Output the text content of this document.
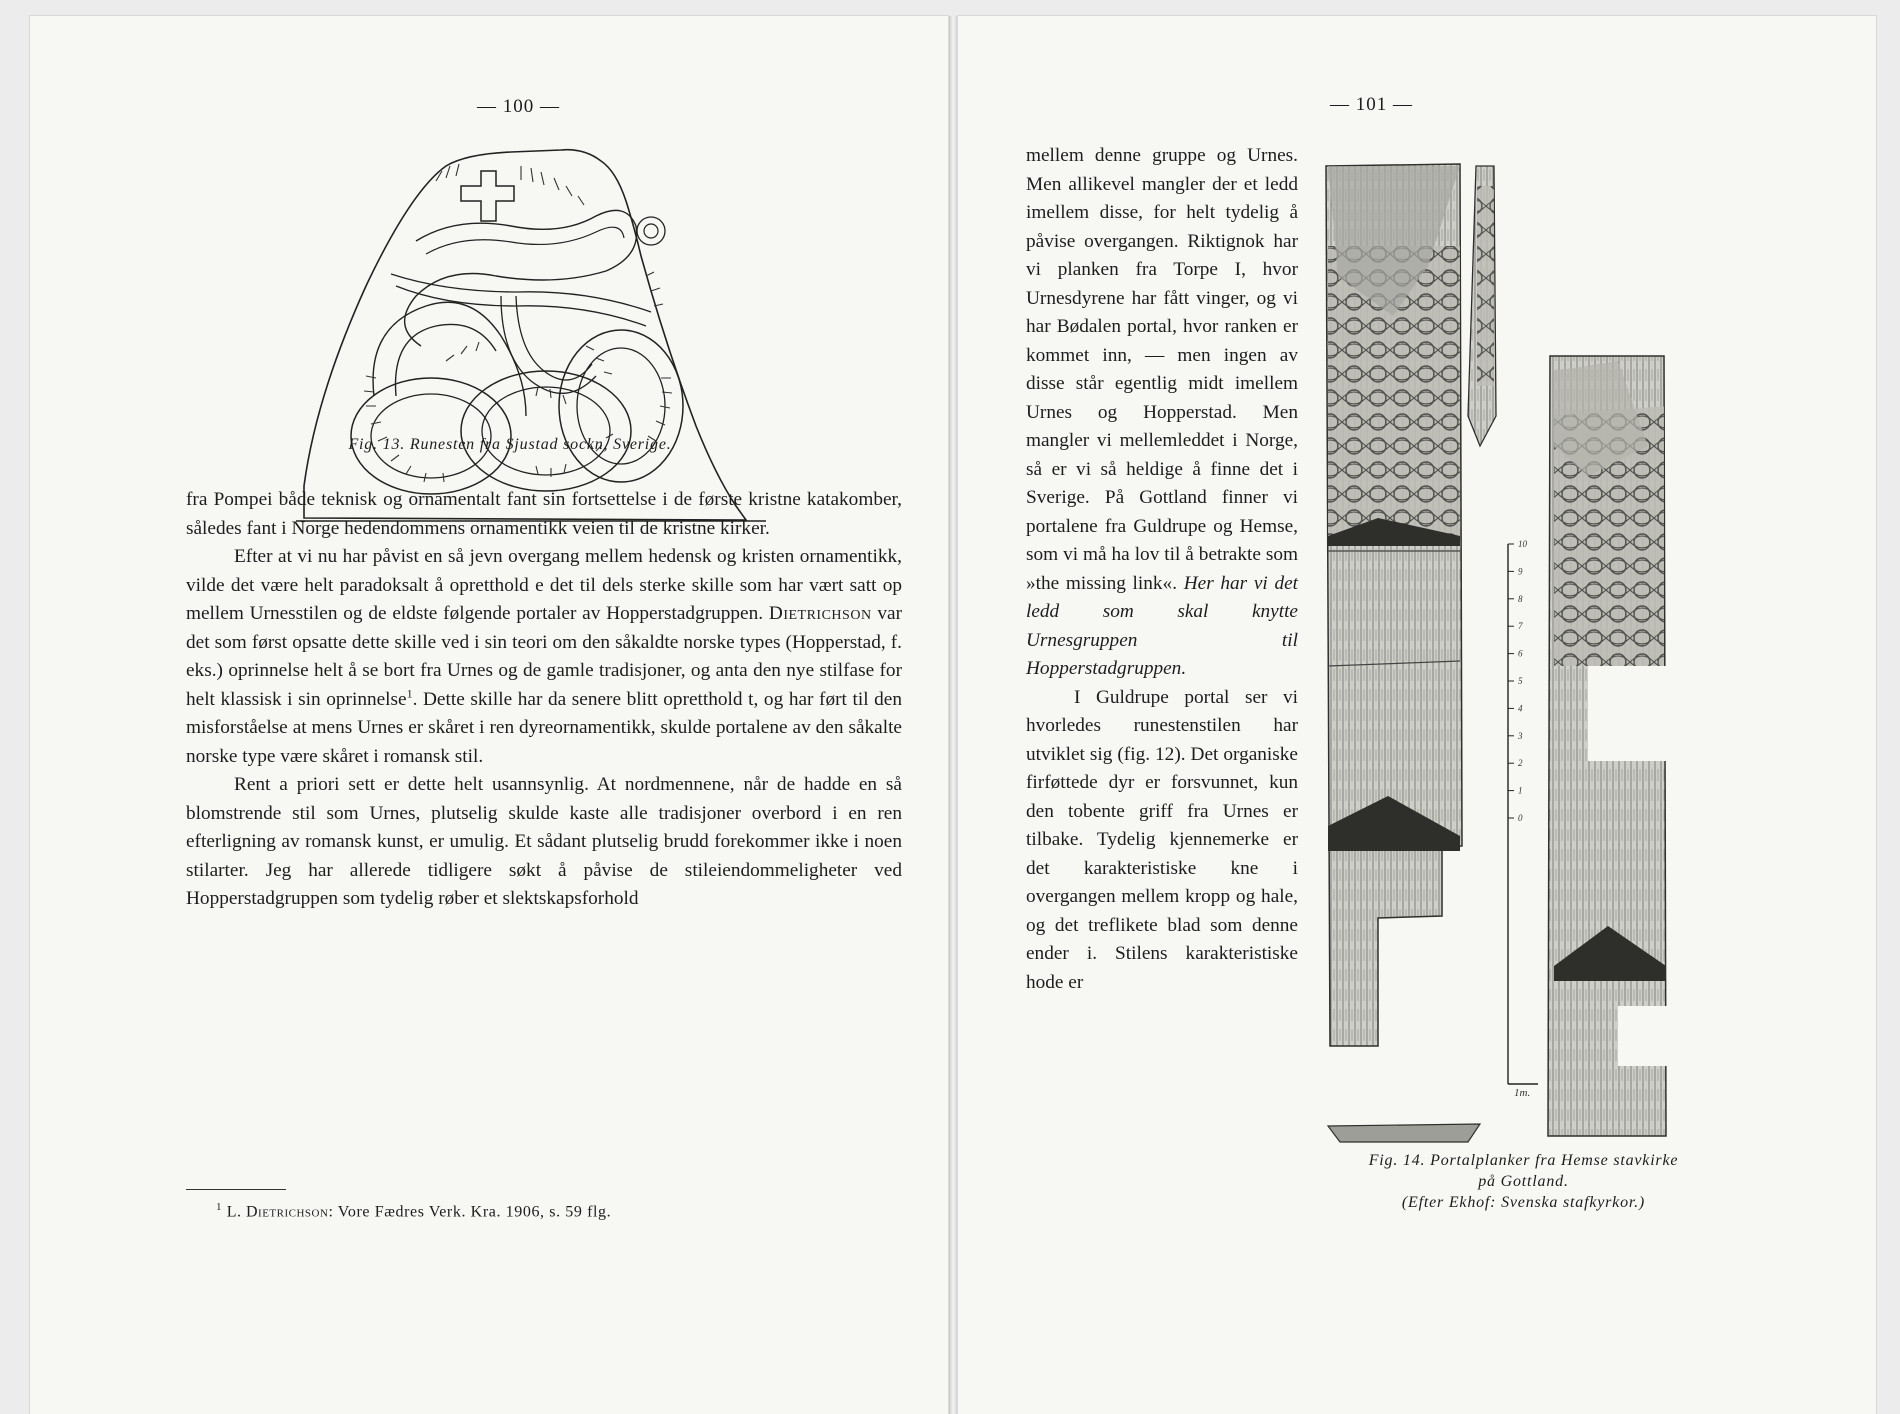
— 100 —
Fig. 13. Runesten fra Sjustad sockn, Sverige.

fra Pompei både teknisk og ornamentalt fant sin fortsettelse i de første kristne katakomber, således fant i Norge hedendommens ornamentikk veien til de kristne kirker.

Efter at vi nu har påvist en så jevn overgang mellem hedensk og kristen ornamentikk, vilde det være helt paradoksalt å opretthold e det til dels sterke skille som har vært satt op mellem Urnesstilen og de eldste følgende portaler av Hopperstadgruppen. Dietrichson var det som først opsatte dette skille ved i sin teori om den såkaldte norske types (Hopperstad, f. eks.) oprinnelse helt å se bort fra Urnes og de gamle tradisjoner, og anta den nye stilfase for helt klassisk i sin oprinnelse$^1$. Dette skille har da senere blitt opretthold t, og har ført til den misforståelse at mens Urnes er skåret i ren dyreornamentikk, skulde portalene av den såkalte norske type være skåret i romansk stil.

Rent a priori sett er dette helt usannsynlig. At nordmennene, når de hadde en så blomstrende stil som Urnes, plutselig skulde kaste alle tradisjoner overbord i en ren efterligning av romansk kunst, er umulig. Et sådant plutselig brudd forekommer ikke i noen stilarter. Jeg har allerede tidligere søkt å påvise de stileiendommeligheter ved Hopperstadgruppen som tydelig røber et slektskapsforhold

$^1$ L. Dietrichson: Vore Fædres Verk. Kra. 1906, s. 59 flg.
— 101 —

mellem denne gruppe og Urnes. Men allikevel mangler der et ledd imellem disse, for helt tydelig å påvise overgangen. Riktignok har vi planken fra Torpe I, hvor Urnesdyrene har fått vinger, og vi har Bødalen portal, hvor ranken er kommet inn, — men ingen av disse står egentlig midt imellem Urnes og Hopperstad. Men mangler vi mellemleddet i Norge, så er vi så heldige å finne det i Sverige. På Gottland finner vi portalene fra Guldrupe og Hemse, som vi må ha lov til å betrakte som »the missing link«. Her har vi det ledd som skal knytte Urnesgruppen til Hopperstadgruppen.

I Guldrupe portal ser vi hvorledes runestenstilen har utviklet sig (fig. 12). Det organiske firføttede dyr er forsvunnet, kun den tobente griff fra Urnes er tilbake. Tydelig kjennemerke er det karakteristiske kne i overgangen mellem kropp og hale, og det treflikete blad som denne ender i. Stilens karakteristiske hode er

10
9
8
7
6
5
4
3
2
1
0
1m.
Fig. 14. Portalplanker fra Hemse stavkirke
på Gottland.
(Efter Ekhof: Svenska stafkyrkor.)
